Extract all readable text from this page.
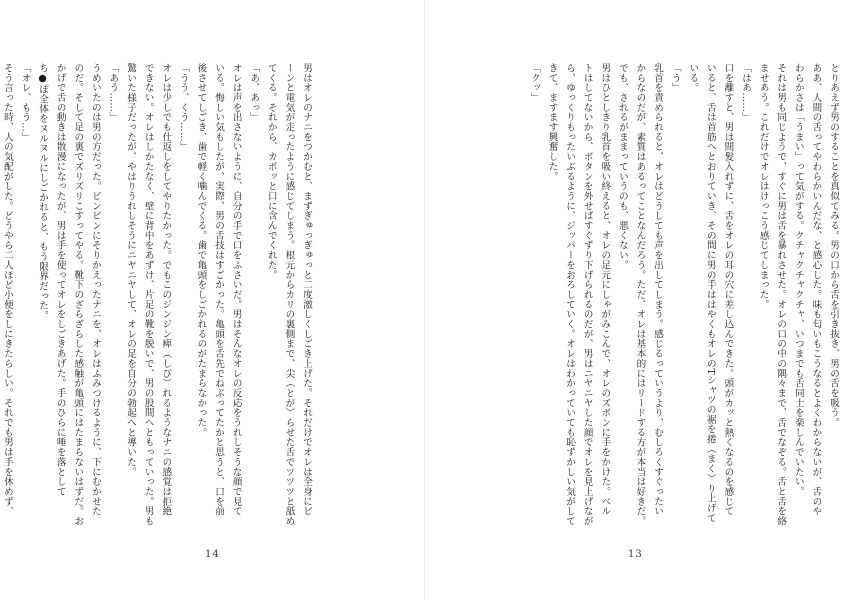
男はオレのナニをつかむと、まずぎゅっぎゅっと二度激しくしごき上げた。それだけでオレは全身にビ

ーンと電気が走ったように感じてしまう。根元からカリの裏側まで、尖（とが）らせた舌でツツツと舐め

てくる。それから、カポッと口に含んでくれた。

「あ、あっ」

オレは声を出さないように、自分の手で口をふさいだ。男はそんなオレの反応をうれしそうな顔で見て

いる。悔しい気もしたが、実際、男の舌技はすごかった。亀頭を舌先でねぶってたかと思うと、口を前

後させてしごき、歯で軽く噛んでくる。歯で亀頭をしごかれるのがたまらなかった。

「うう、くう……」

オレは少しでも仕返しをしてやりたかった。でもこのジンジン痺（しび）れるようなナニの感覚は拒絶

できない。オレはしかたなく、壁に背中をあずけ、片足の靴を脱いで、男の股間へともっていった。男も

驚いた様子だったが、やはりうれしそうにニヤニヤして、オレの足を自分の勃起へと導いた。

「あう……」

うめいたのは男の方だった。ビンビンにそりかえったナニを、オレはふみつけるように、下にむかせた

のだ。そして足の裏でズリズリこすってやる。靴下のざらざらした感触が亀頭にはたまらないはずだ。お

かげで舌の動きは散漫になったが、男は手を使ってオレをしごきあげた。手のひらに唾を落として

ち●ぽ全体をヌルヌルにしごかれると、もう限界だった。

「オレ、もう…」

そう言った時、人の気配がした。どうやら二人ほど小便をしにきたらしい。それでも男は手を休めず、

14

とりあえず男のすることを真似てみる。男の口から舌を引き抜き、男の舌を吸う。

ああ、人間の舌ってやわらかいんだな、と感心した。味も匂いもこうなるとよくわからないが、舌のや

わらかさは「うまい」って気がする。クチャクチャクチャ、いつまでも舌同士を楽しんでいたい。

それは男も同じようで、すぐに男は舌を暴れさせた。オレの口の中の隅々まで、舌でなぞる。舌と舌を絡

ませあう。これだけでオレはけっこう感じてしまった。

「はあ……」

口を離すと、男は間髪入れずに、舌をオレの耳の穴に差し込んできた。頭がカッと熱くなるのを感じて

いると、舌は首筋へとおりていき、その間に男の手ははやくもオレのTシャツの裾を捲（まく）り上げて

いる。

「う」

乳首を責められると、オレはどうしても声を出してしまう。感じるっていうより、むしろくすぐったい

からなのだが、素質はあるってことなんだろう。ただ、オレは基本的にはリードする方が本当は好きだ。

でも、されるがままっていうのも、悪くない。

男はひとしきり乳首を吸い終えると、オレの足元にしゃがみこんで、オレのズボンに手をかけた。ベル

トはしてないから、ボタンを外せばすぐずり下げられるのだが、男はニヤニヤした顔でオレを見上げなが

ら、ゆっくりもったいぶるように、ジッパーをおろしていく。オレはわかっていても恥ずかしい気がして

きて、ますます興奮した。

「クッ」

13
